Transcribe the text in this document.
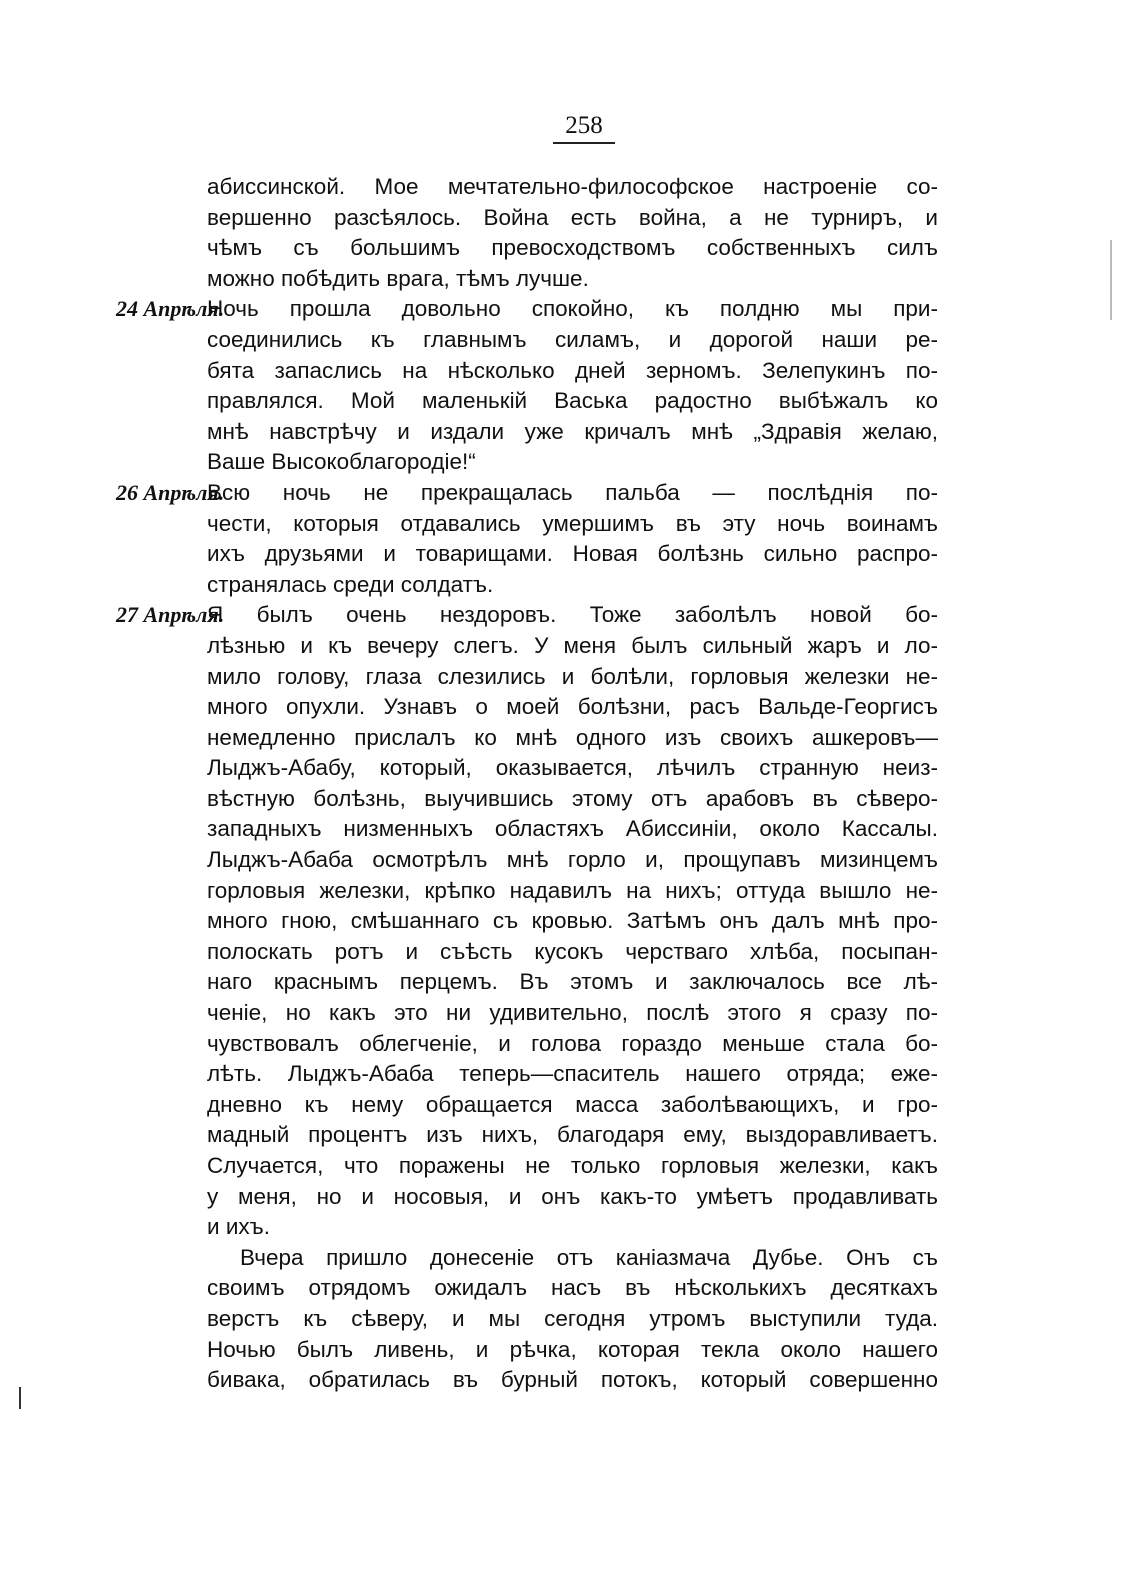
258
абиссинской. Мое мечтательно-философское настроеніе со-
вершенно разсѣялось. Война есть война, а не турниръ, и
чѣмъ съ большимъ превосходствомъ собственныхъ силъ
можно побѣдить врага, тѣмъ лучше.
24 Апрѣля.
Ночь прошла довольно спокойно, къ полдню мы при-
соединились къ главнымъ силамъ, и дорогой наши ре-
бята запаслись на нѣсколько дней зерномъ. Зелепукинъ по-
правлялся. Мой маленькій Васька радостно выбѣжалъ ко
мнѣ навстрѣчу и издали уже кричалъ мнѣ „Здравія желаю,
Ваше Высокоблагородіе!“
26 Апрѣля.
Всю ночь не прекращалась пальба — послѣднія по-
чести, которыя отдавались умершимъ въ эту ночь воинамъ
ихъ друзьями и товарищами. Новая болѣзнь сильно распро-
странялась среди солдатъ.
27 Апрѣля.
Я былъ очень нездоровъ. Тоже заболѣлъ новой бо-
лѣзнью и къ вечеру слегъ. У меня былъ сильный жаръ и ло-
мило голову, глаза слезились и болѣли, горловыя железки не-
много опухли. Узнавъ о моей болѣзни, расъ Вальде-Георгисъ
немедленно прислалъ ко мнѣ одного изъ своихъ ашкеровъ—
Лыджъ-Абабу, который, оказывается, лѣчилъ странную неиз-
вѣстную болѣзнь, выучившись этому отъ арабовъ въ сѣверо-
западныхъ низменныхъ областяхъ Абиссиніи, около Кассалы.
Лыджъ-Абаба осмотрѣлъ мнѣ горло и, прощупавъ мизинцемъ
горловыя железки, крѣпко надавилъ на нихъ; оттуда вышло не-
много гною, смѣшаннаго съ кровью. Затѣмъ онъ далъ мнѣ про-
полоскать ротъ и съѣсть кусокъ черстваго хлѣба, посыпан-
наго краснымъ перцемъ. Въ этомъ и заключалось все лѣ-
ченіе, но какъ это ни удивительно, послѣ этого я сразу по-
чувствовалъ облегченіе, и голова гораздо меньше стала бо-
лѣть. Лыджъ-Абаба теперь—спаситель нашего отряда; еже-
дневно къ нему обращается масса заболѣвающихъ, и гро-
мадный процентъ изъ нихъ, благодаря ему, выздоравливаетъ.
Случается, что поражены не только горловыя железки, какъ
у меня, но и носовыя, и онъ какъ-то умѣетъ продавливать
и ихъ.
Вчера пришло донесеніе отъ каніазмача Дубье. Онъ съ
своимъ отрядомъ ожидалъ насъ въ нѣсколькихъ десяткахъ
верстъ къ сѣверу, и мы сегодня утромъ выступили туда.
Ночью былъ ливень, и рѣчка, которая текла около нашего
бивака, обратилась въ бурный потокъ, который совершенно
